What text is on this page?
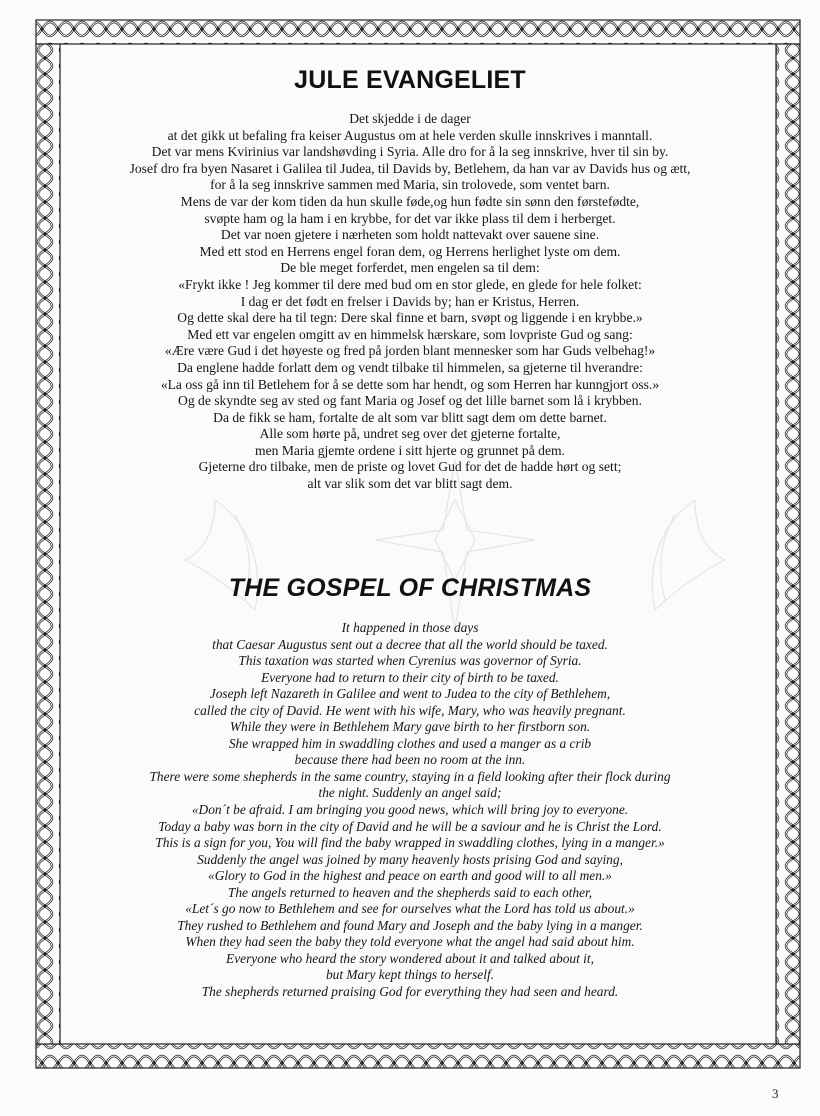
JULE EVANGELIET
Det skjedde i de dager
at det gikk ut befaling fra keiser Augustus om at hele verden skulle innskrives i manntall.
Det var mens Kvirinius var landshøvding i Syria. Alle dro for å la seg innskrive, hver til sin by.
Josef dro fra byen Nasaret i Galilea til Judea, til Davids by, Betlehem, da han var av Davids hus og ætt,
for å la seg innskrive sammen med Maria, sin trolovede, som ventet barn.
Mens de var der kom tiden da hun skulle føde,og hun fødte sin sønn den førstefødte,
svøpte ham og la ham i en krybbe, for det var ikke plass til dem i herberget.
Det var noen gjetere i nærheten som holdt nattevakt over sauene sine.
Med ett stod en Herrens engel foran dem, og Herrens herlighet lyste om dem.
De ble meget forferdet, men engelen sa til dem:
«Frykt ikke ! Jeg kommer til dere med bud om en stor glede, en glede for hele folket:
I dag er det født en frelser i Davids by; han er Kristus, Herren.
Og dette skal dere ha til tegn: Dere skal finne et barn, svøpt og liggende i en krybbe.»
Med ett var engelen omgitt av en himmelsk hærskare, som lovpriste Gud og sang:
«Ære være Gud i det høyeste og fred på jorden blant mennesker som har Guds velbehag!»
Da englene hadde forlatt dem og vendt tilbake til himmelen, sa gjeterne til hverandre:
«La oss gå inn til Betlehem for å se dette som har hendt, og som Herren har kunngjort oss.»
Og de skyndte seg av sted og fant Maria og Josef og det lille barnet som lå i krybben.
Da de fikk se ham, fortalte de alt som var blitt sagt dem om dette barnet.
Alle som hørte på, undret seg over det gjeterne fortalte,
men Maria gjemte ordene i sitt hjerte og grunnet på dem.
Gjeterne dro tilbake, men de priste og lovet Gud for det de hadde hørt og sett;
alt var slik som det var blitt sagt dem.
THE GOSPEL OF CHRISTMAS
It happened in those days
that Caesar Augustus sent out a decree that all the world should be taxed.
This taxation was started when Cyrenius was governor of Syria.
Everyone had to return to their city of birth to be taxed.
Joseph left Nazareth in Galilee and went to Judea to the city of Bethlehem,
called the city of David. He went with his wife, Mary, who was heavily pregnant.
While they were in Bethlehem Mary gave birth to her firstborn son.
She wrapped him in swaddling clothes and used a manger as a crib
because there had been no room at the inn.
There were some shepherds in the same country, staying in a field looking after their flock during
the night. Suddenly an angel said;
«Don´t be afraid. I am bringing you good news, which will bring joy to everyone.
Today a baby was born in the city of David and he will be a saviour and he is Christ the Lord.
This is a sign for you, You will find the baby wrapped in swaddling clothes, lying in a manger.»
Suddenly the angel was joined by many heavenly hosts prising God and saying,
«Glory to God in the highest and peace on earth and good will to all men.»
The angels returned to heaven and the shepherds said to each other,
«Let´s go now to Bethlehem and see for ourselves what the Lord has told us about.»
They rushed to Bethlehem and found Mary and Joseph and the baby lying in a manger.
When they had seen the baby they told everyone what the angel had said about him.
Everyone who heard the story wondered about it and talked about it,
but Mary kept things to herself.
The shepherds returned praising God for everything they had seen and heard.
3
